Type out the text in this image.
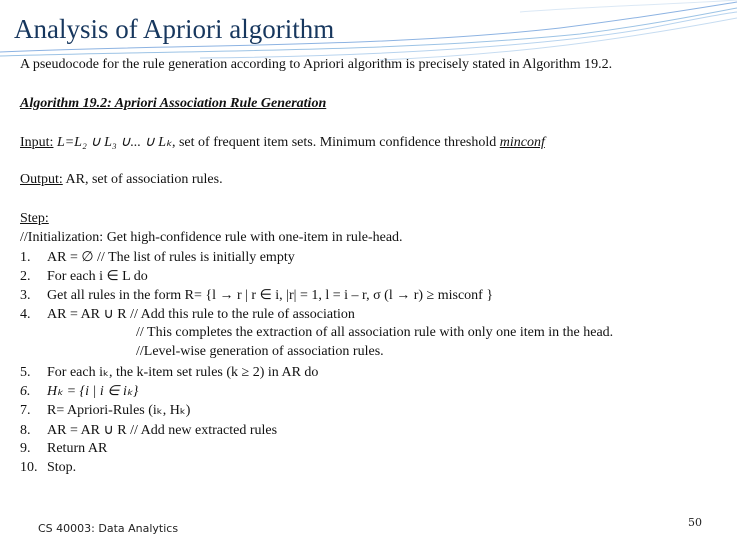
Analysis of Apriori algorithm
A pseudocode for the rule generation according to Apriori algorithm is precisely stated in Algorithm 19.2.
Algorithm 19.2: Apriori Association Rule Generation
Input: L=L₂ ∪ L₃ ∪... ∪ Lₖ, set of frequent item sets. Minimum confidence threshold minconf
Output: AR, set of association rules.
Step:
//Initialization: Get high-confidence rule with one-item in rule-head.
1. AR = ∅ // The list of rules is initially empty
2. For each i ∈ L do
3. Get all rules in the form R= {l → r | r ∈ i, |r| = 1, l = i – r, σ (l → r) ≥ misconf }
4. AR = AR ∪ R // Add this rule to the rule of association
// This completes the extraction of all association rule with only one item in the head.
//Level-wise generation of association rules.
5. For each iₖ, the k-item set rules (k ≥ 2) in AR do
6. Hₖ = {i | i ∈ iₖ}
7. R= Apriori-Rules (iₖ, Hₖ)
8. AR = AR ∪ R // Add new extracted rules
9. Return AR
10. Stop.
CS 40003: Data Analytics	50
